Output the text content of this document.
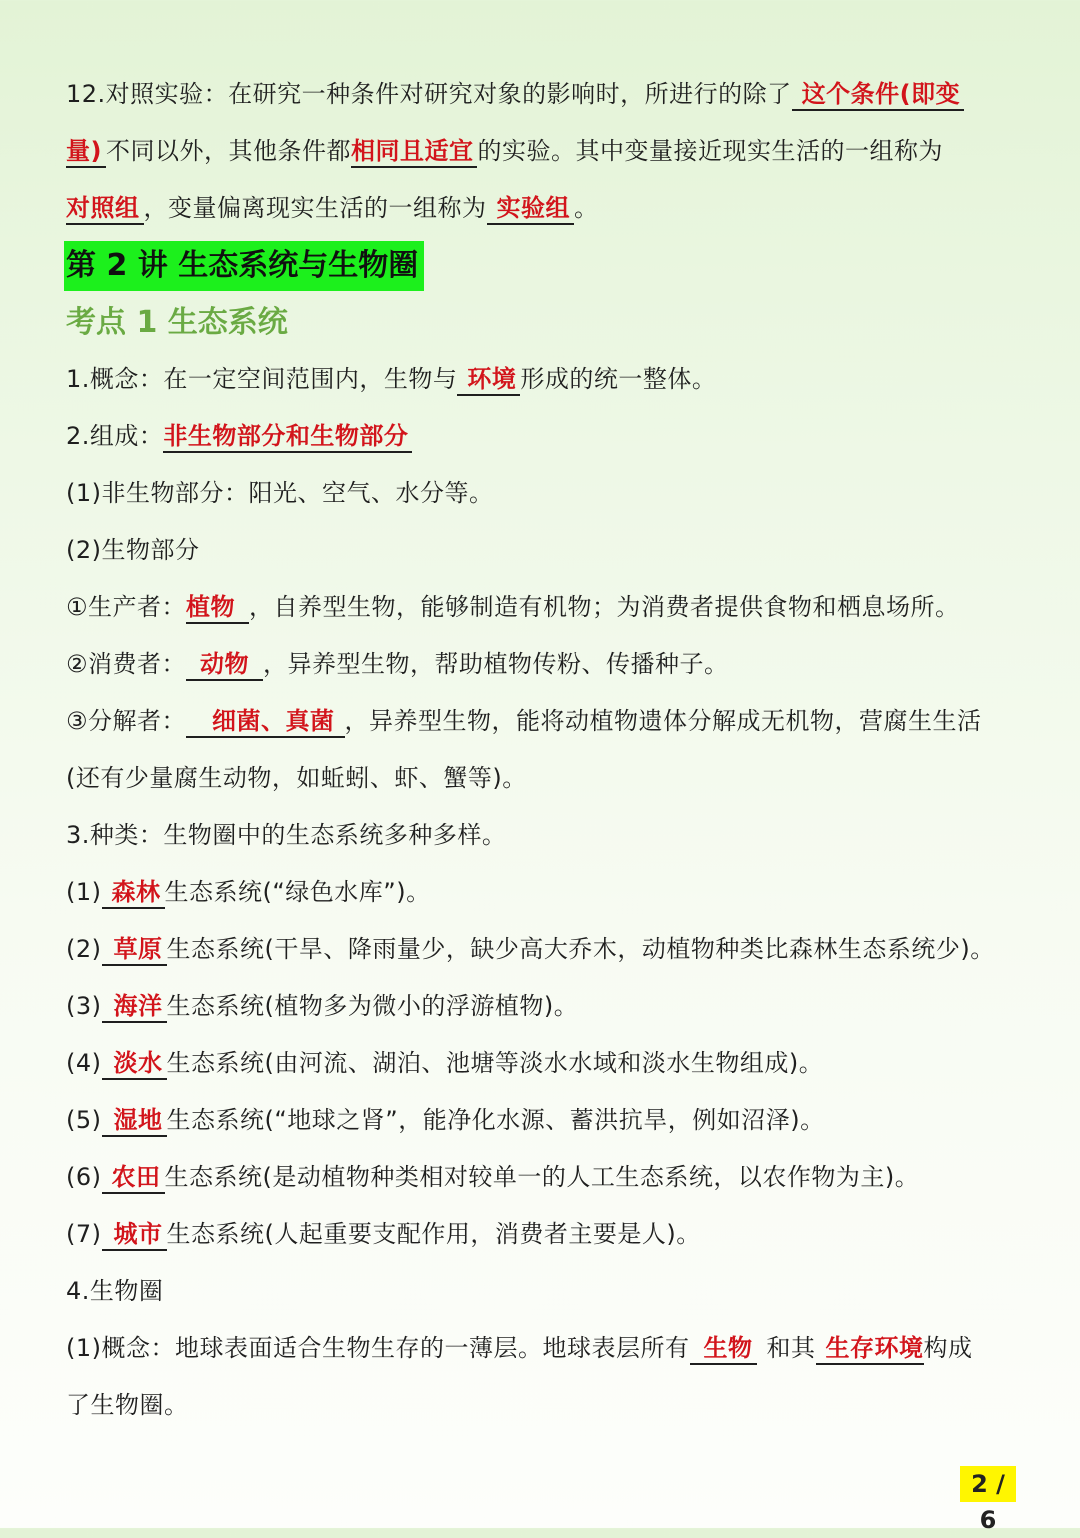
12.对照实验：在研究一种条件对研究对象的影响时，所进行的除了 这个条件(即变
量) 不同以外，其他条件都相同且适宜 的实验。其中变量接近现实生活的一组称为
对照组 ，变量偏离现实生活的一组称为 实验组 。
第 2 讲 生态系统与生物圈
考点 1 生态系统
1.概念：在一定空间范围内，生物与 环境 形成的统一整体。
2.组成：非生物部分和生物部分
(1)非生物部分：阳光、空气、水分等。
(2)生物部分
①生产者：植物 ，自养型生物，能够制造有机物；为消费者提供食物和栖息场所。
②消费者： 动物 ，异养型生物，帮助植物传粉、传播种子。
③分解者： 细菌、真菌 ，异养型生物，能将动植物遗体分解成无机物，营腐生生活
(还有少量腐生动物，如蚯蚓、虾、蟹等)。
3.种类：生物圈中的生态系统多种多样。
(1) 森林 生态系统(“绿色水库”)。
(2) 草原 生态系统(干旱、降雨量少，缺少高大乔木，动植物种类比森林生态系统少)。
(3) 海洋 生态系统(植物多为微小的浮游植物)。
(4) 淡水 生态系统(由河流、湖泊、池塘等淡水水域和淡水生物组成)。
(5) 湿地 生态系统(“地球之肾”，能净化水源、蓄洪抗旱，例如沼泽)。
(6) 农田 生态系统(是动植物种类相对较单一的人工生态系统，以农作物为主)。
(7) 城市 生态系统(人起重要支配作用，消费者主要是人)。
4.生物圈
(1)概念：地球表面适合生物生存的一薄层。地球表层所有 生物 和其 生存环境构成
了生物圈。
2 / 6
